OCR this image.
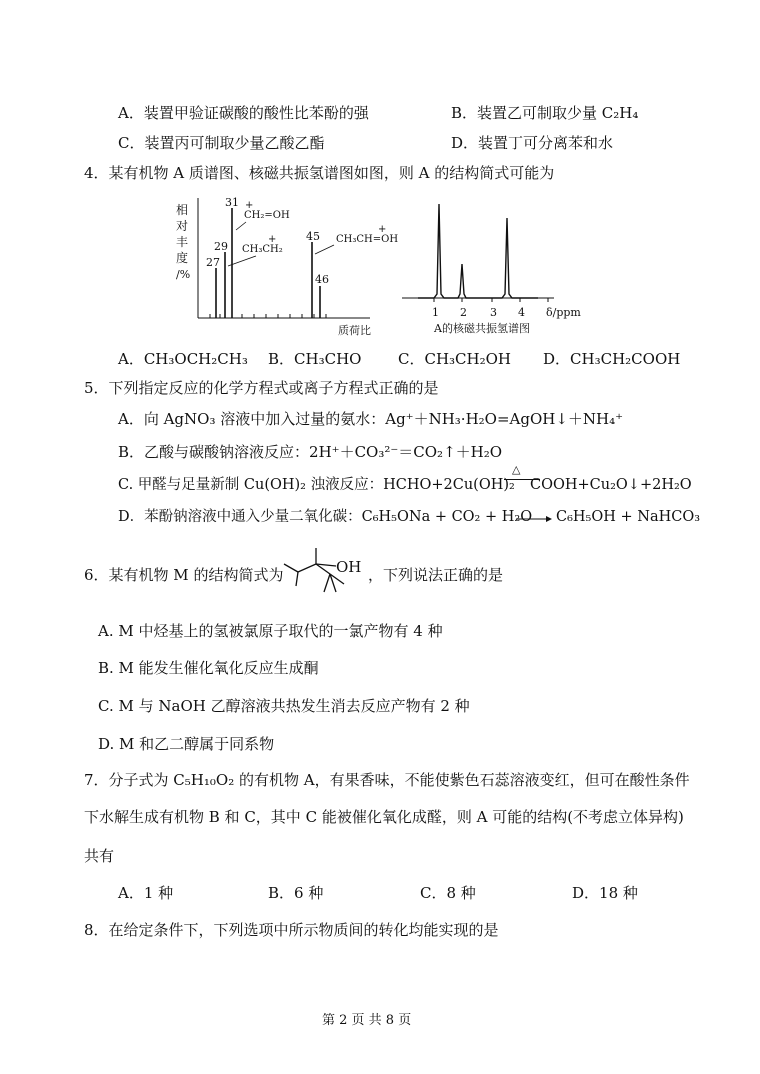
A．装置甲验证碳酸的酸性比苯酚的强	B．装置乙可制取少量 C₂H₄
C．装置丙可制取少量乙酸乙酯	D．装置丁可分离苯和水
4．某有机物 A 质谱图、核磁共振氢谱图如图，则 A 的结构简式可能为
相
对
丰
度
/%
27
29
31
45
46
+
CH₂=OH
+
CH₃CH₂
+
CH₃CH=OH
质荷比
1 2 3 4 δ/ppm
A的核磁共振氢谱图
A．CH₃OCH₂CH₃ B．CH₃CHO C．CH₃CH₂OH D．CH₃CH₂COOH
5．下列指定反应的化学方程式或离子方程式正确的是
A．向 AgNO₃ 溶液中加入过量的氨水：Ag⁺＋NH₃·H₂O=AgOH↓＋NH₄⁺
B．乙酸与碳酸钠溶液反应：2H⁺＋CO₃²⁻＝CO₂↑＋H₂O
C. 甲醛与足量新制 Cu(OH)₂ 浊液反应：HCHO+2Cu(OH)₂
△
COOH+Cu₂O↓+2H₂O
D．苯酚钠溶液中通入少量二氧化碳：C₆H₅ONa + CO₂ + H₂O C₆H₅OH + NaHCO₃
6．某有机物 M 的结构简式为	OH ，下列说法正确的是
A. M 中烃基上的氢被氯原子取代的一氯产物有 4 种
B. M 能发生催化氧化反应生成酮
C. M 与 NaOH 乙醇溶液共热发生消去反应产物有 2 种
D. M 和乙二醇属于同系物
7．分子式为 C₅H₁₀O₂ 的有机物 A，有果香味，不能使紫色石蕊溶液变红，但可在酸性条件
下水解生成有机物 B 和 C，其中 C 能被催化氧化成醛，则 A 可能的结构(不考虑立体异构)
共有
A．1 种	B．6 种	C．8 种	D．18 种
8．在给定条件下，下列选项中所示物质间的转化均能实现的是
第 2 页 共 8 页
